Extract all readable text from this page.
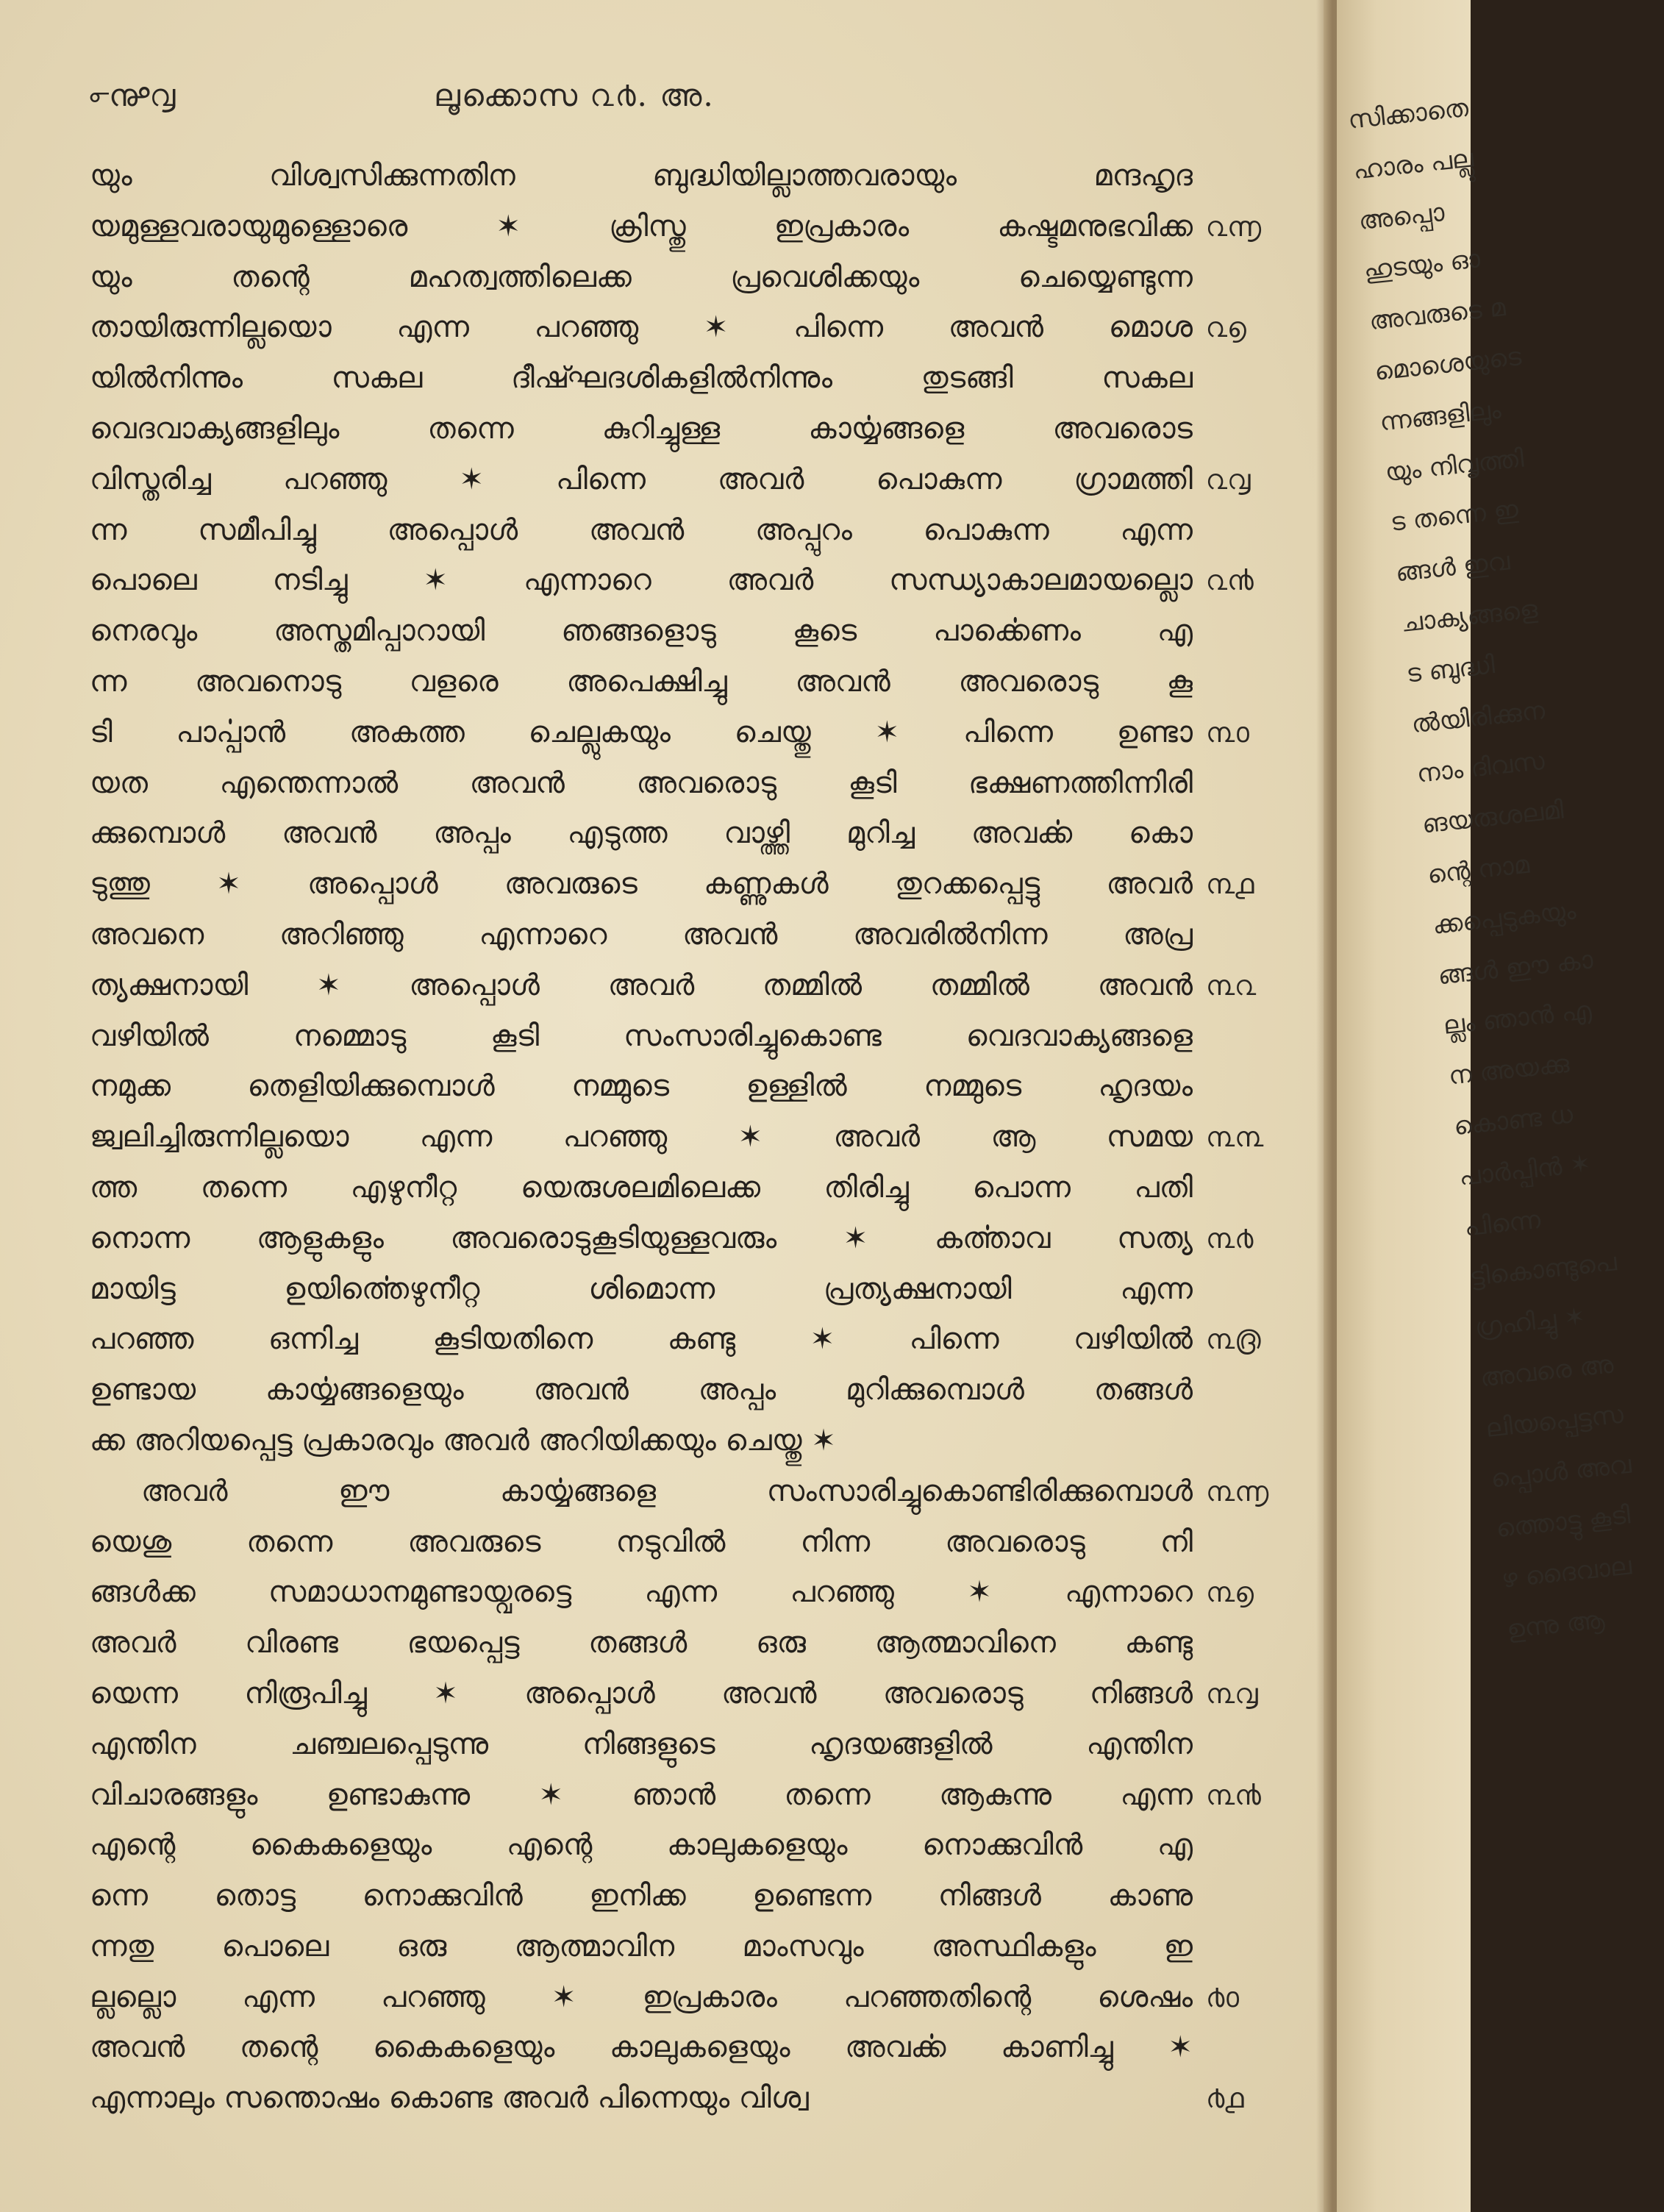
൳൲൮	ലൂക്കൊസ ൨൪. അ.
യും വിശ്വസിക്കുന്നതിന ബുദ്ധിയില്ലാത്തവരായും മന്ദഹൃദ
യമുള്ളവരായുമുള്ളൊരെ ✶ ക്രിസ്തു ഇപ്രകാരം കഷ്ടമനുഭവിക്ക
യും തന്റെ മഹത്വത്തിലെക്ക പ്രവെശിക്കയും ചെയ്യെണ്ടുന്ന
തായിരുന്നില്ലയൊ എന്ന പറഞ്ഞു ✶ പിന്നെ അവൻ മൊശ
യിൽനിന്നും സകല ദീഷ്ഘദശികളിൽനിന്നും തുടങ്ങി സകല
വെദവാക്യങ്ങളിലും തന്നെ കുറിച്ചുള്ള കാൎയ്യങ്ങളെ അവരൊട
വിസ്തരിച്ച പറഞ്ഞു ✶ പിന്നെ അവർ പൊകുന്ന ഗ്രാമത്തി
ന്ന സമീപിച്ചു അപ്പൊൾ അവൻ അപ്പുറം പൊകുന്ന എന്ന
പൊലെ നടിച്ചു ✶ എന്നാറെ അവർ സന്ധ്യാകാലമായല്ലൊ
നെരവും അസ്തമിപ്പാറായി ഞങ്ങളൊടു കൂടെ പാൎക്കെണം എ
ന്ന അവനൊടു വളരെ അപെക്ഷിച്ചു അവൻ അവരൊടു കൂ
ടി പാൎപ്പാൻ അകത്ത ചെല്ലുകയും ചെയ്തു ✶ പിന്നെ ഉണ്ടാ
യത എന്തെന്നാൽ അവൻ അവരൊടു കൂടി ഭക്ഷണത്തിന്നിരി
ക്കുമ്പൊൾ അവൻ അപ്പം എടുത്ത വാഴ്ത്തി മുറിച്ച അവൎക്ക കൊ
ടുത്തു ✶ അപ്പൊൾ അവരുടെ കണ്ണുകൾ തുറക്കപ്പെട്ടു അവർ
അവനെ അറിഞ്ഞു എന്നാറെ അവൻ അവരിൽനിന്ന അപ്ര
ത്യക്ഷനായി ✶ അപ്പൊൾ അവർ തമ്മിൽ തമ്മിൽ അവൻ
വഴിയിൽ നമ്മൊടു കൂടി സംസാരിച്ചുകൊണ്ട വെദവാക്യങ്ങളെ
നമുക്ക തെളിയിക്കുമ്പൊൾ നമ്മുടെ ഉള്ളിൽ നമ്മുടെ ഹൃദയം
ജ്വലിച്ചിരുന്നില്ലയൊ എന്ന പറഞ്ഞു ✶ അവർ ആ സമയ
ത്ത തന്നെ എഴുനീറ്റ യെരുശലമിലെക്ക തിരിച്ചു പൊന്ന പതി
നൊന്ന ആളുകളും അവരൊടുകൂടിയുള്ളവരും ✶ കൎത്താവ സത്യ
മായിട്ട ഉയിൎത്തെഴുനീറ്റ ശിമൊന്ന പ്രത്യക്ഷനായി എന്ന
പറഞ്ഞ ഒന്നിച്ച കൂടിയതിനെ കണ്ടു ✶ പിന്നെ വഴിയിൽ
ഉണ്ടായ കാൎയ്യങ്ങളെയും അവൻ അപ്പം മുറിക്കുമ്പൊൾ തങ്ങൾ
ക്ക അറിയപ്പെട്ട പ്രകാരവും അവർ അറിയിക്കയും ചെയ്തു ✶
അവർ ഈ കാൎയ്യങ്ങളെ സംസാരിച്ചുകൊണ്ടിരിക്കുമ്പൊൾ
യെശു തന്നെ അവരുടെ നടുവിൽ നിന്ന അവരൊടു നി
ങ്ങൾക്ക സമാധാനമുണ്ടായ്വരട്ടെ എന്ന പറഞ്ഞു ✶ എന്നാറെ
അവർ വിരണ്ട ഭയപ്പെട്ട തങ്ങൾ ഒരു ആത്മാവിനെ കണ്ടു
യെന്ന നിരൂപിച്ചു ✶ അപ്പൊൾ അവൻ അവരൊടു നിങ്ങൾ
എന്തിന ചഞ്ചലപ്പെടുന്നു നിങ്ങളുടെ ഹൃദയങ്ങളിൽ എന്തിന
വിചാരങ്ങളും ഉണ്ടാകുന്നു ✶ ഞാൻ തന്നെ ആകുന്നു എന്ന
എന്റെ കൈകളെയും എന്റെ കാലുകളെയും നൊക്കുവിൻ എ
ന്നെ തൊട്ട നൊക്കുവിൻ ഇനിക്ക ഉണ്ടെന്ന നിങ്ങൾ കാണു
ന്നതു പൊലെ ഒരു ആത്മാവിന മാംസവും അസ്ഥികളും ഇ
ല്ലല്ലൊ എന്ന പറഞ്ഞു ✶ ഇപ്രകാരം പറഞ്ഞതിന്റെ ശെഷം
അവൻ തന്റെ കൈകളെയും കാലുകളെയും അവൎക്ക കാണിച്ചു ✶
എന്നാലും സന്തൊഷം കൊണ്ട അവർ പിന്നെയും വിശ്വ
൨൬
൨൭
൨൮
൨൯
൩൦
൩൧
൩൨
൩൩
൩൪
൩൫
൩൬
൩൭
൩൮
൩൯
൪൦
൪൧
സിക്കാതെ
ഹാരം പല്ലു
അപ്പൊ
ഹുടയും ഓ
അവരുടെ മ
മൊശെയുടെ
ന്നങ്ങളിലും
യും നിവൃത്തി
ട തന്നെ ഇ
ങ്ങൾ ഇവ
ചാക്യങ്ങളെ
ട ബുദ്ധി
ൽയിരിക്കുന
നാം ദിവസ
ങയരുശലമി
ന്റെ നാമ
ക്കപ്പെടുകയും
ങ്ങൾ ഈ കാ
ല്ലം ഞാൻ എ
ന അയക്കു
കൊണ്ട ധ
പാർപ്പിൻ ✶
പിന്നെ
ട്ടികൊണ്ടുപെ
ഗ്രഹിച്ചു ✶
അവരെ അ
ലിയപ്പെട്ടസ
പ്പൊൾ അവ
ത്തൊട്ടു കൂടി
ഴ ദൈവാല
ഉന്നു ആ
